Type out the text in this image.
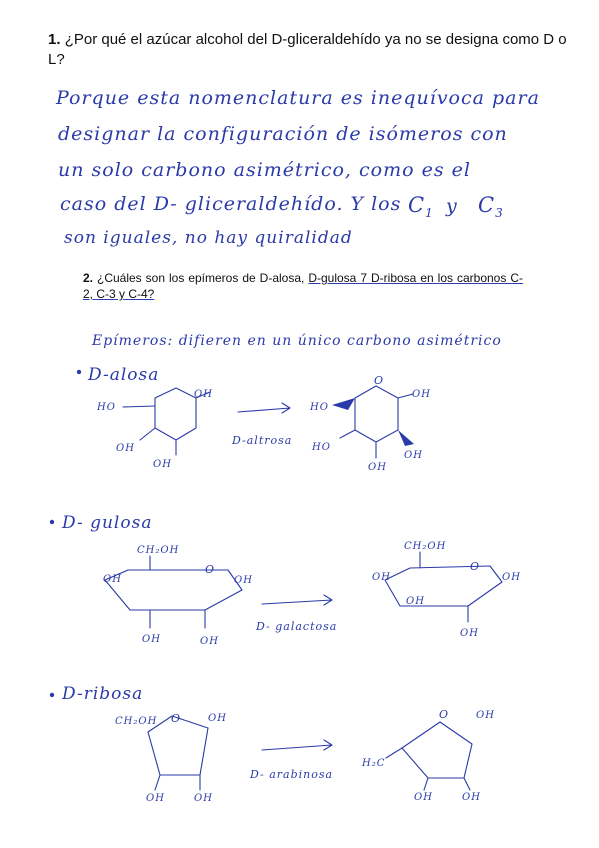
1. ¿Por qué el azúcar alcohol del D-gliceraldehído ya no se designa como D o L?
2. ¿Cuáles son los epímeros de D-alosa, D-gulosa 7 D-ribosa en los carbonos C-2, C-3 y C-4?
Porque esta nomenclatura es inequívoca para
designar la configuración de isómeros con
un solo carbono asimétrico, como es el
caso del D- gliceraldehído. Y los $C_1$ y $C_3$
son iguales, no hay quiralidad
Epímeros: difieren en un único carbono asimétrico
D-alosa
HO
OH
OH
OH
D-altrosa
O
OH
HO
HO
OH
OH
D- gulosa
CH₂OH
O
OH	OH
OH	OH
D- galactosa
CH₂OH
O
OH
OH
OH
OH
D-ribosa
CH₂OH O	OH
OH	OH
D- arabinosa
O	OH
H₂C
OH	OH
